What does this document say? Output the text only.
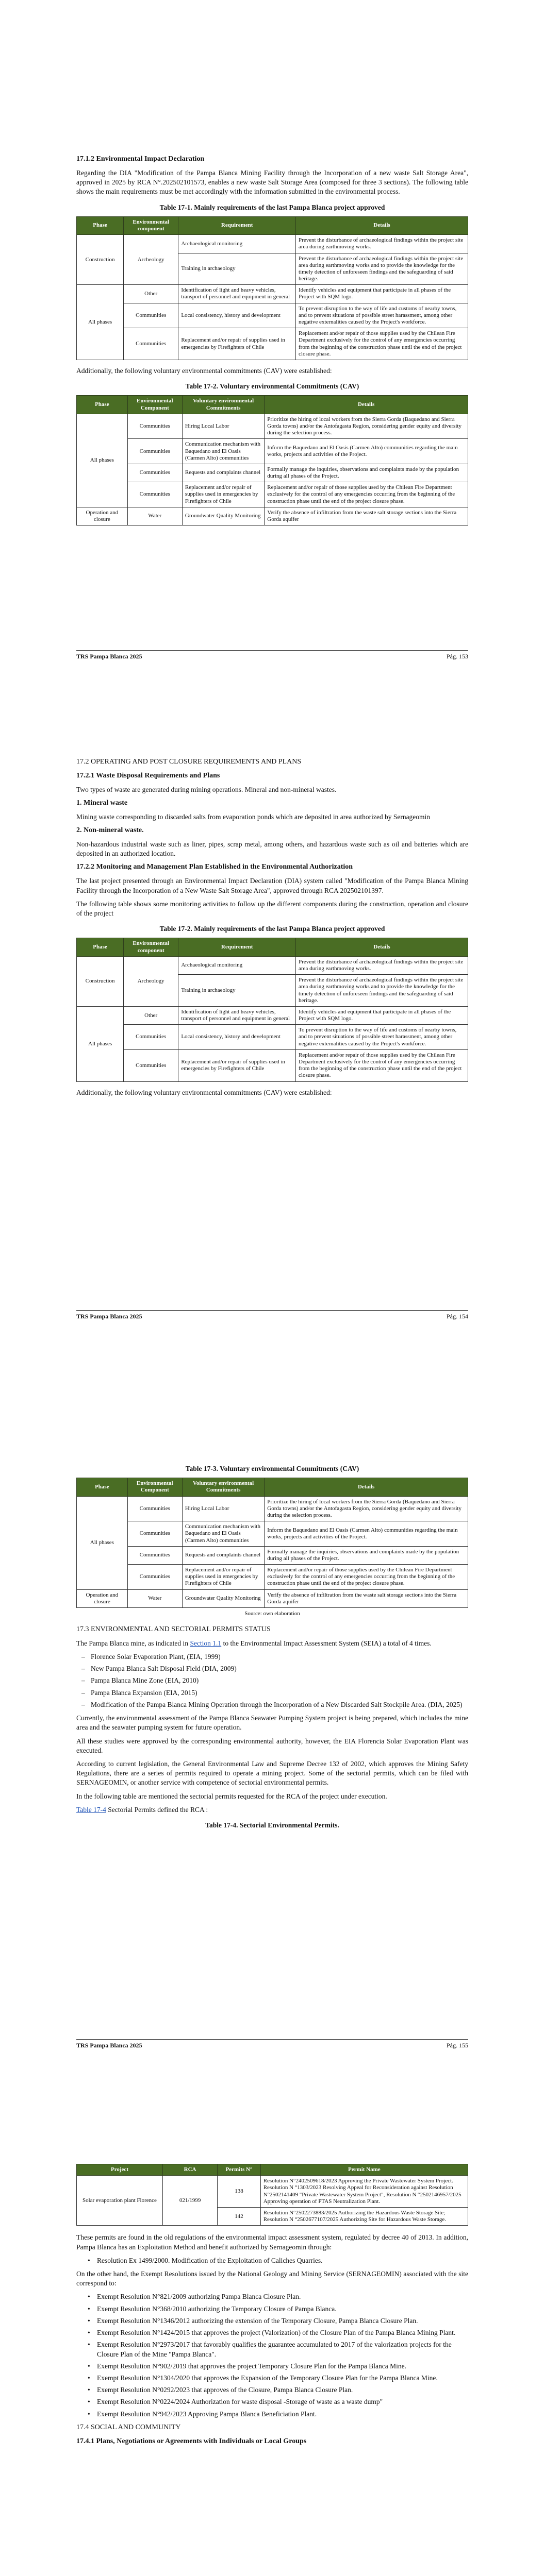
17.1.2 Environmental Impact Declaration

Regarding the DIA "Modification of the Pampa Blanca Mining Facility through the Incorporation of a new waste Salt Storage Area", approved in 2025 by RCA N°.202502101573, enables a new waste Salt Storage Area (composed for three 3 sections). The following table shows the main requirements must be met accordingly with the information submitted in the environmental process.

Table 17-1. Mainly requirements of the last Pampa Blanca project approved
Phase	Environmental component	Requirement	Details
Construction	Archeology	Archaeological monitoring	Prevent the disturbance of archaeological findings within the project site area during earthmoving works.
		Training in archaeology	Prevent the disturbance of archaeological findings within the project site area during earthmoving works and to provide the knowledge for the timely detection of unforeseen findings and the safeguarding of said heritage.
All phases	Other	Identification of light and heavy vehicles, transport of personnel and equipment in general	Identify vehicles and equipment that participate in all phases of the Project with SQM logo.
	Communities	Local consistency, history and development	To prevent disruption to the way of life and customs of nearby towns, and to prevent situations of possible street harassment, among other negative externalities caused by the Project's workforce.
	Communities	Replacement and/or repair of supplies used in emergencies by Firefighters of Chile	Replacement and/or repair of those supplies used by the Chilean Fire Department exclusively for the control of any emergencies occurring from the beginning of the construction phase until the end of the project closure phase.

Additionally, the following voluntary environmental commitments (CAV) were established:

Table 17-2. Voluntary environmental Commitments (CAV)
Phase	Environmental Component	Voluntary environmental Commitments	Details
All phases	Communities	Hiring Local Labor	Prioritize the hiring of local workers from the Sierra Gorda (Baquedano and Sierra Gorda towns) and/or the Antofagasta Region, considering gender equity and diversity during the selection process.
	Communities	Communication mechanism with Baquedano and El Oasis (Carmen Alto) communities	Inform the Baquedano and El Oasis (Carmen Alto) communities regarding the main works, projects and activities of the Project.
	Communities	Requests and complaints channel	Formally manage the inquiries, observations and complaints made by the population during all phases of the Project.
	Communities	Replacement and/or repair of supplies used in emergencies by Firefighters of Chile	Replacement and/or repair of those supplies used by the Chilean Fire Department exclusively for the control of any emergencies occurring from the beginning of the construction phase until the end of the project closure phase.
Operation and closure	Water	Groundwater Quality Monitoring	Verify the absence of infiltration from the waste salt storage sections into the Sierra Gorda aquifer
TRS Pampa Blanca 2025	Pág. 153
17.2 OPERATING AND POST CLOSURE REQUIREMENTS AND PLANS
17.2.1 Waste Disposal Requirements and Plans

Two types of waste are generated during mining operations. Mineral and non-mineral wastes.

1. Mineral waste

Mining waste corresponding to discarded salts from evaporation ponds which are deposited in area authorized by Sernageomin

2. Non-mineral waste.

Non-hazardous industrial waste such as liner, pipes, scrap metal, among others, and hazardous waste such as oil and batteries which are deposited in an authorized location.

17.2.2 Monitoring and Management Plan Established in the Environmental Authorization

The last project presented through an Environmental Impact Declaration (DIA) system called "Modification of the Pampa Blanca Mining Facility through the Incorporation of a New Waste Salt Storage Area", approved through RCA 202502101397.

The following table shows some monitoring activities to follow up the different components during the construction, operation and closure of the project

Table 17-2. Mainly requirements of the last Pampa Blanca project approved
Phase	Environmental component	Requirement	Details
Construction	Archeology	Archaeological monitoring	Prevent the disturbance of archaeological findings within the project site area during earthmoving works.
		Training in archaeology	Prevent the disturbance of archaeological findings within the project site area during earthmoving works and to provide the knowledge for the timely detection of unforeseen findings and the safeguarding of said heritage.
All phases	Other	Identification of light and heavy vehicles, transport of personnel and equipment in general	Identify vehicles and equipment that participate in all phases of the Project with SQM logo.
	Communities	Local consistency, history and development	To prevent disruption to the way of life and customs of nearby towns, and to prevent situations of possible street harassment, among other negative externalities caused by the Project's workforce.
	Communities	Replacement and/or repair of supplies used in emergencies by Firefighters of Chile	Replacement and/or repair of those supplies used by the Chilean Fire Department exclusively for the control of any emergencies occurring from the beginning of the construction phase until the end of the project closure phase.

Additionally, the following voluntary environmental commitments (CAV) were established:

TRS Pampa Blanca 2025	Pág. 154
Table 17-3. Voluntary environmental Commitments (CAV)
Phase	Environmental Component	Voluntary environmental Commitments	Details
All phases	Communities	Hiring Local Labor	Prioritize the hiring of local workers from the Sierra Gorda (Baquedano and Sierra Gorda towns) and/or the Antofagasta Region, considering gender equity and diversity during the selection process.
	Communities	Communication mechanism with Baquedano and El Oasis (Carmen Alto) communities	Inform the Baquedano and El Oasis (Carmen Alto) communities regarding the main works, projects and activities of the Project.
	Communities	Requests and complaints channel	Formally manage the inquiries, observations and complaints made by the population during all phases of the Project.
	Communities	Replacement and/or repair of supplies used in emergencies by Firefighters of Chile	Replacement and/or repair of those supplies used by the Chilean Fire Department exclusively for the control of any emergencies occurring from the beginning of the construction phase until the end of the project closure phase.
Operation and closure	Water	Groundwater Quality Monitoring	Verify the absence of infiltration from the waste salt storage sections into the Sierra Gorda aquifer
Source: own elaboration
17.3 ENVIRONMENTAL AND SECTORIAL PERMITS STATUS

The Pampa Blanca mine, as indicated in Section 1.1 to the Environmental Impact Assessment System (SEIA) a total of 4 times.

– Florence Solar Evaporation Plant, (EIA, 1999)
– New Pampa Blanca Salt Disposal Field (DIA, 2009)
– Pampa Blanca Mine Zone (EIA, 2010)
– Pampa Blanca Expansion (EIA, 2015)
– Modification of the Pampa Blanca Mining Operation through the Incorporation of a New Discarded Salt Stockpile Area. (DIA, 2025)

Currently, the environmental assessment of the Pampa Blanca Seawater Pumping System project is being prepared, which includes the mine area and the seawater pumping system for future operation.

All these studies were approved by the corresponding environmental authority, however, the EIA Florencia Solar Evaporation Plant was executed.

According to current legislation, the General Environmental Law and Supreme Decree 132 of 2002, which approves the Mining Safety Regulations, there are a series of permits required to operate a mining project. Some of the sectorial permits, which can be filed with SERNAGEOMIN, or another service with competence of sectorial environmental permits.

In the following table are mentioned the sectorial permits requested for the RCA of the project under execution.

Table 17-4 Sectorial Permits defined the RCA :

Table 17-4. Sectorial Environmental Permits.
TRS Pampa Blanca 2025	Pág. 155
Project	RCA	Permits N°	Permit Name
Solar evaporation plant Florence	021/1999	138	Resolution N°2402509618/2023 Approving the Private Wastewater System Project. Resolution N °1303/2023 Resolving Appeal for Reconsideration against Resolution N°2502141409 "Private Wastewater System Project", Resolution N °2502146957/2025 Approving operation of PTAS Neutralization Plant.
		142	Resolution N°2502273883/2025 Authorizing the Hazardous Waste Storage Site; Resolution N °2502677107/2025 Authorizing Site for Hazardous Waste Storage.

These permits are found in the old regulations of the environmental impact assessment system, regulated by decree 40 of 2013. In addition, Pampa Blanca has an Exploitation Method and benefit authorized by Sernageomin through:

• Resolution Ex 1499/2000. Modification of the Exploitation of Caliches Quarries.

On the other hand, the Exempt Resolutions issued by the National Geology and Mining Service (SERNAGEOMIN) associated with the site correspond to:

• Exempt Resolution N°821/2009 authorizing Pampa Blanca Closure Plan.
• Exempt Resolution N°368/2010 authorizing the Temporary Closure of Pampa Blanca.
• Exempt Resolution N°1346/2012 authorizing the extension of the Temporary Closure, Pampa Blanca Closure Plan.
• Exempt Resolution N°1424/2015 that approves the project (Valorization) of the Closure Plan of the Pampa Blanca Mining Plant.
• Exempt Resolution N°2973/2017 that favorably qualifies the guarantee accumulated to 2017 of the valorization projects for the Closure Plan of the Mine "Pampa Blanca".
• Exempt Resolution N°902/2019 that approves the project Temporary Closure Plan for the Pampa Blanca Mine.
• Exempt Resolution N°1304/2020 that approves the Expansion of the Temporary Closure Plan for the Pampa Blanca Mine.
• Exempt Resolution N°0292/2023 that approves of the Closure, Pampa Blanca Closure Plan.
• Exempt Resolution N°0224/2024 Authorization for waste disposal -Storage of waste as a waste dump"
• Exempt Resolution N°942/2023 Approving Pampa Blanca Beneficiation Plant.
17.4 SOCIAL AND COMMUNITY
17.4.1 Plans, Negotiations or Agreements with Individuals or Local Groups
